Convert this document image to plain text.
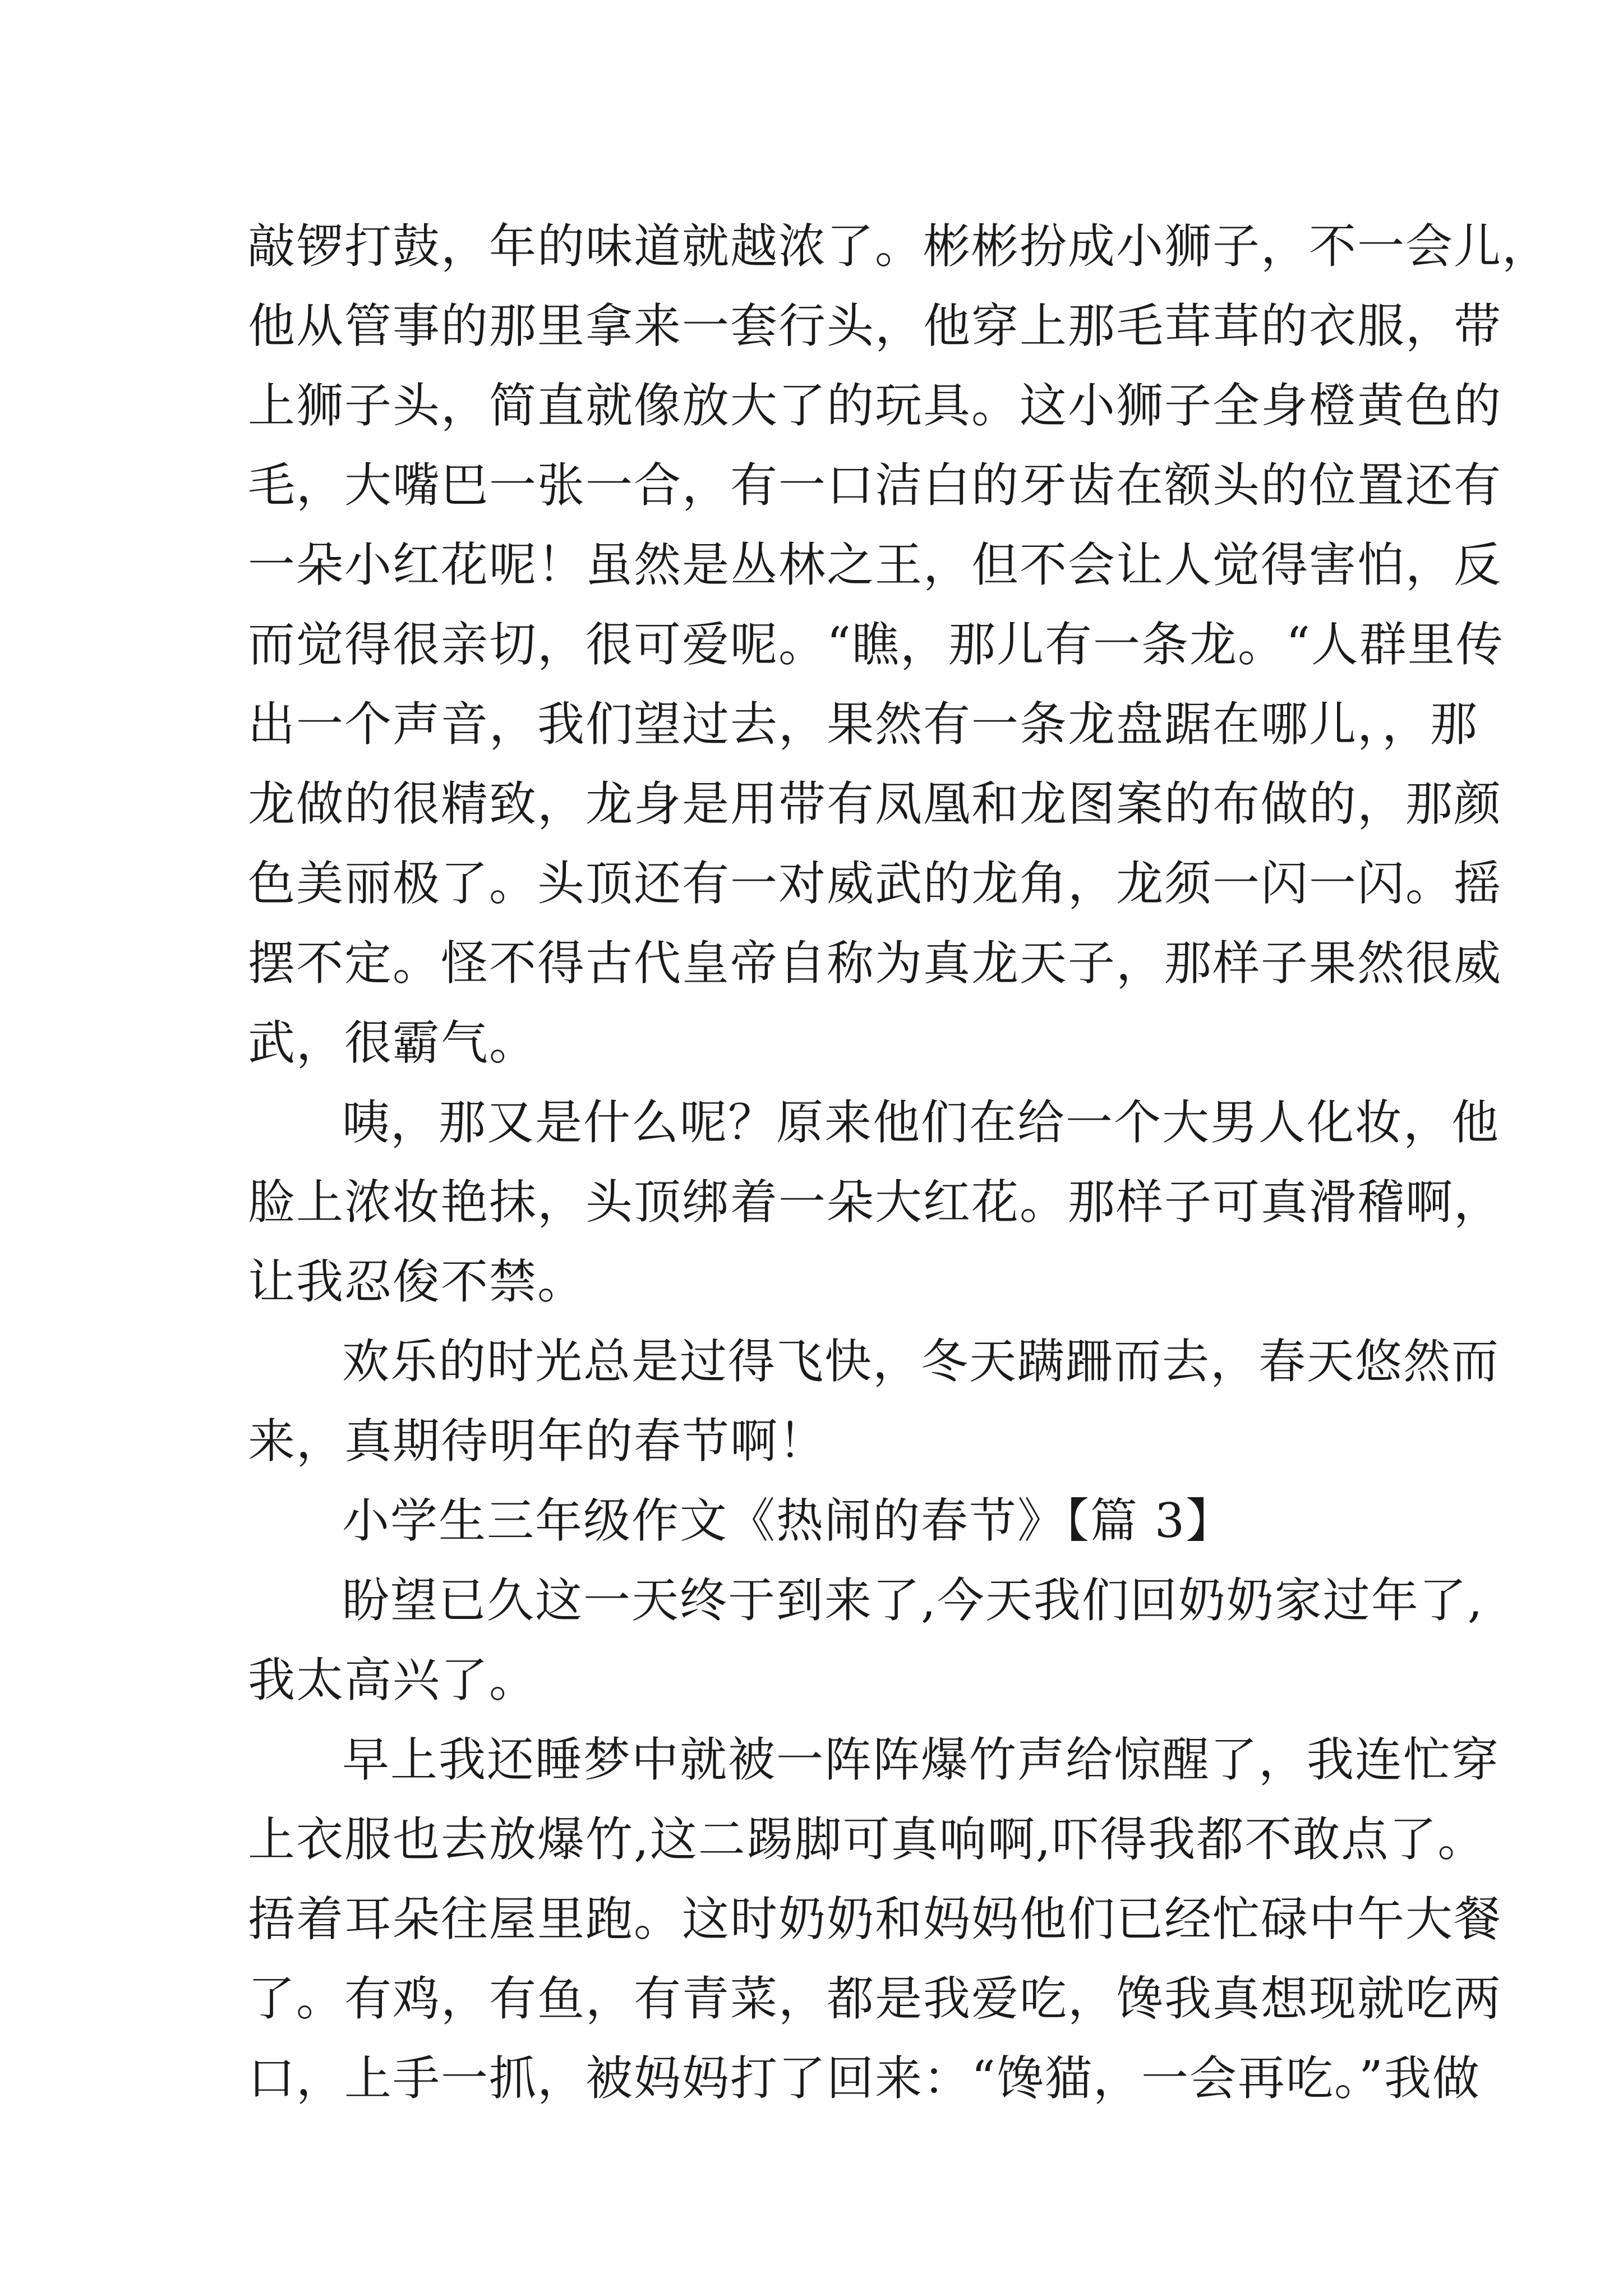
敲锣打鼓，年的味道就越浓了。彬彬扮成小狮子，不一会儿，
他从管事的那里拿来一套行头，他穿上那毛茸茸的衣服，带
上狮子头，简直就像放大了的玩具。这小狮子全身橙黄色的
毛，大嘴巴一张一合，有一口洁白的牙齿在额头的位置还有
一朵小红花呢！虽然是丛林之王，但不会让人觉得害怕，反
而觉得很亲切，很可爱呢。“瞧，那儿有一条龙。“人群里传
出一个声音，我们望过去，果然有一条龙盘踞在哪儿，，那
龙做的很精致，龙身是用带有凤凰和龙图案的布做的，那颜
色美丽极了。头顶还有一对威武的龙角，龙须一闪一闪。摇
摆不定。怪不得古代皇帝自称为真龙天子，那样子果然很威
武，很霸气。
咦，那又是什么呢？原来他们在给一个大男人化妆，他
脸上浓妆艳抹，头顶绑着一朵大红花。那样子可真滑稽啊，
让我忍俊不禁。
欢乐的时光总是过得飞快，冬天蹒跚而去，春天悠然而
来，真期待明年的春节啊！
小学生三年级作文《热闹的春节》【篇 3】
盼望已久这一天终于到来了,今天我们回奶奶家过年了,
我太高兴了。
早上我还睡梦中就被一阵阵爆竹声给惊醒了，我连忙穿
上衣服也去放爆竹,这二踢脚可真响啊,吓得我都不敢点了。
捂着耳朵往屋里跑。这时奶奶和妈妈他们已经忙碌中午大餐
了。有鸡，有鱼，有青菜，都是我爱吃，馋我真想现就吃两
口，上手一抓，被妈妈打了回来：“馋猫，一会再吃。”我做
